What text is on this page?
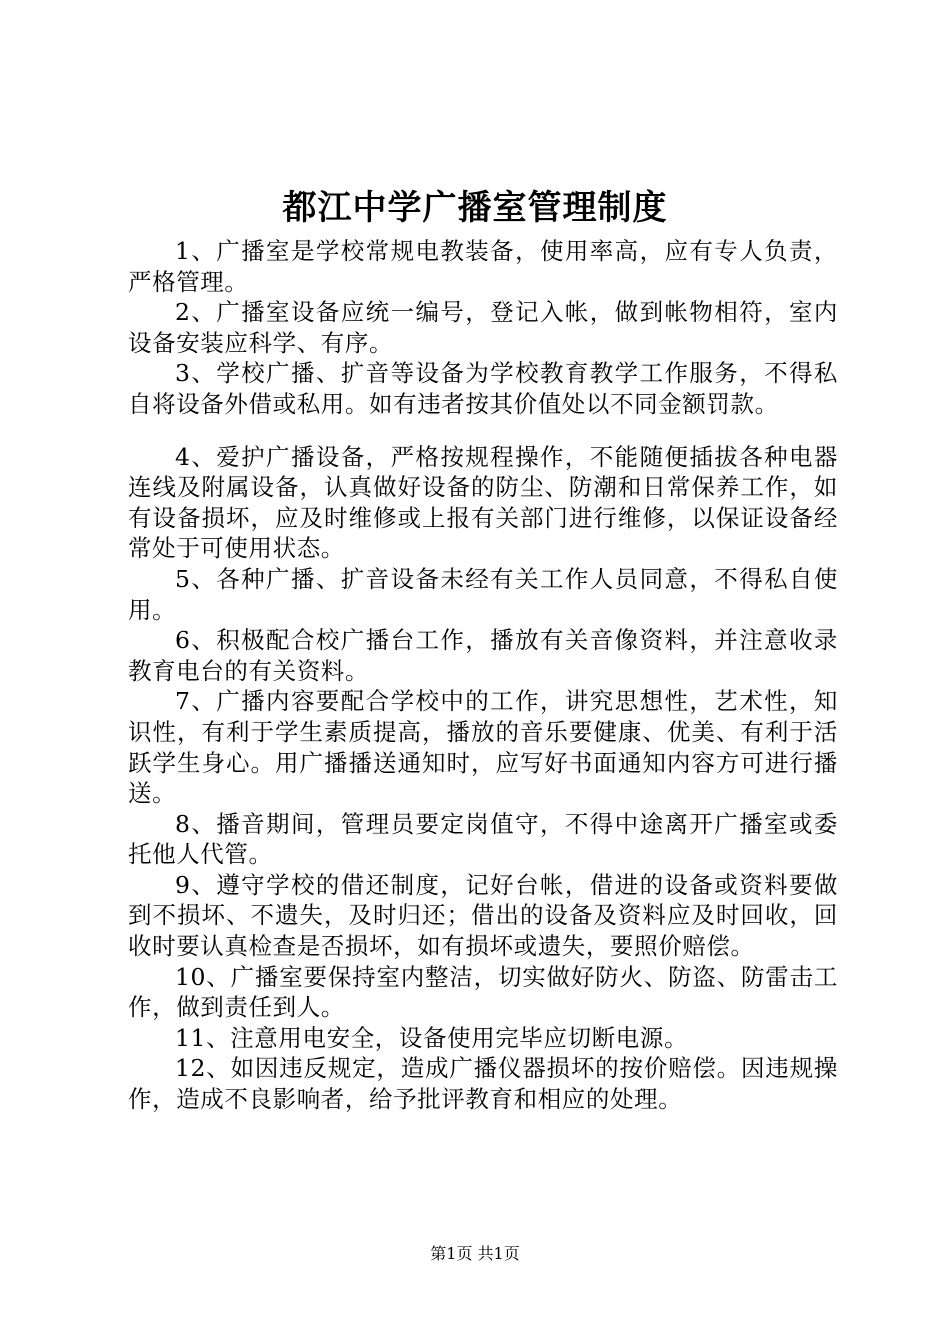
都江中学广播室管理制度

1、广播室是学校常规电教装备，使用率高，应有专人负责，严格管理。

2、广播室设备应统一编号，登记入帐，做到帐物相符，室内设备安装应科学、有序。

3、学校广播、扩音等设备为学校教育教学工作服务，不得私自将设备外借或私用。如有违者按其价值处以不同金额罚款。

4、爱护广播设备，严格按规程操作，不能随便插拔各种电器连线及附属设备，认真做好设备的防尘、防潮和日常保养工作，如有设备损坏，应及时维修或上报有关部门进行维修，以保证设备经常处于可使用状态。

5、各种广播、扩音设备未经有关工作人员同意，不得私自使用。

6、积极配合校广播台工作，播放有关音像资料，并注意收录教育电台的有关资料。

7、广播内容要配合学校中的工作，讲究思想性，艺术性，知识性，有利于学生素质提高，播放的音乐要健康、优美、有利于活跃学生身心。用广播播送通知时，应写好书面通知内容方可进行播送。

8、播音期间，管理员要定岗值守，不得中途离开广播室或委托他人代管。

9、遵守学校的借还制度，记好台帐，借进的设备或资料要做到不损坏、不遗失，及时归还；借出的设备及资料应及时回收，回收时要认真检查是否损坏，如有损坏或遗失，要照价赔偿。

10、广播室要保持室内整洁，切实做好防火、防盗、防雷击工作，做到责任到人。

11、注意用电安全，设备使用完毕应切断电源。

12、如因违反规定，造成广播仪器损坏的按价赔偿。因违规操作，造成不良影响者，给予批评教育和相应的处理。

第1页 共1页
